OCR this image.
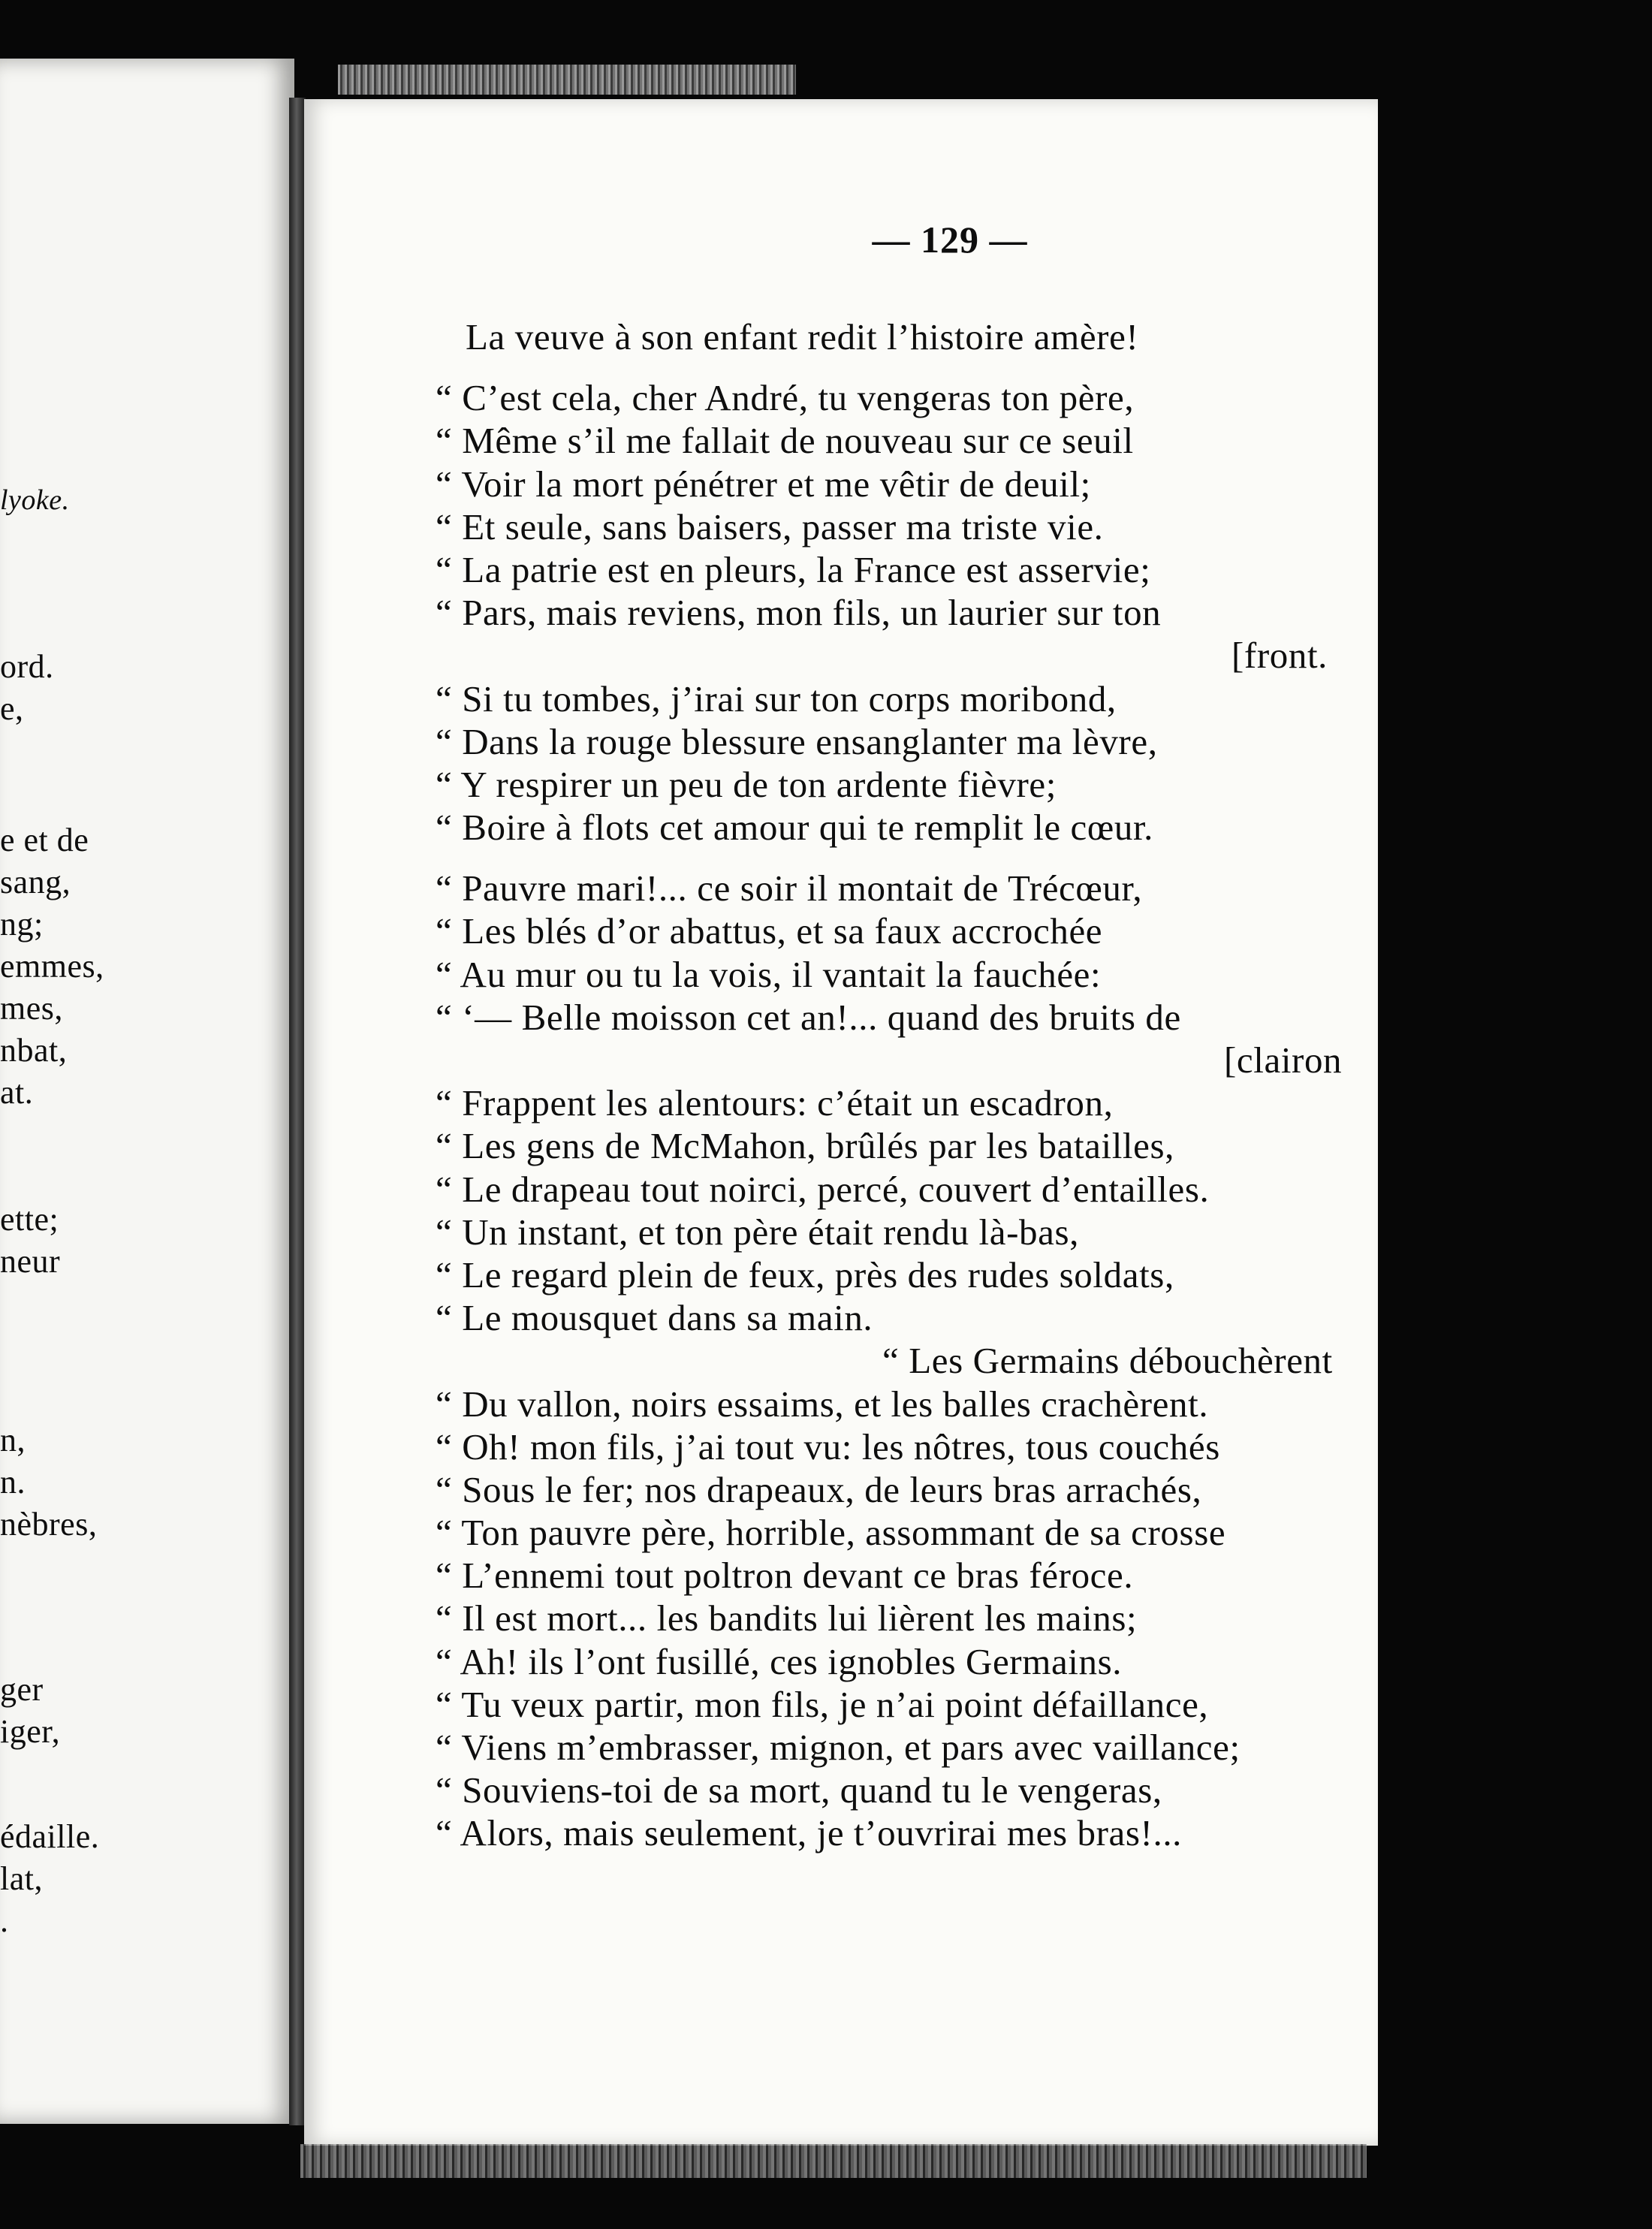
lyoke.
ord.
e,
e et de
sang,
ng;
emmes,
mes,
nbat,
at.
ette;
neur
n,
n.
nèbres,
ger
iger,
édaille.
lat,
.
— 129 —
La veuve à son enfant redit l’histoire amère!
“ C’est cela, cher André, tu vengeras ton père,
“ Même s’il me fallait de nouveau sur ce seuil
“ Voir la mort pénétrer et me vêtir de deuil;
“ Et seule, sans baisers, passer ma triste vie.
“ La patrie est en pleurs, la France est asservie;
“ Pars, mais reviens, mon fils, un laurier sur ton
[front.
“ Si tu tombes, j’irai sur ton corps moribond,
“ Dans la rouge blessure ensanglanter ma lèvre,
“ Y respirer un peu de ton ardente fièvre;
“ Boire à flots cet amour qui te remplit le cœur.
“ Pauvre mari!... ce soir il montait de Trécœur,
“ Les blés d’or abattus, et sa faux accrochée
“ Au mur ou tu la vois, il vantait la fauchée:
“ ‘— Belle moisson cet an!... quand des bruits de
[clairon
“ Frappent les alentours: c’était un escadron,
“ Les gens de McMahon, brûlés par les batailles,
“ Le drapeau tout noirci, percé, couvert d’entailles.
“ Un instant, et ton père était rendu là-bas,
“ Le regard plein de feux, près des rudes soldats,
“ Le mousquet dans sa main.
“ Les Germains débouchèrent
“ Du vallon, noirs essaims, et les balles crachèrent.
“ Oh! mon fils, j’ai tout vu: les nôtres, tous couchés
“ Sous le fer; nos drapeaux, de leurs bras arrachés,
“ Ton pauvre père, horrible, assommant de sa crosse
“ L’ennemi tout poltron devant ce bras féroce.
“ Il est mort... les bandits lui lièrent les mains;
“ Ah! ils l’ont fusillé, ces ignobles Germains.
“ Tu veux partir, mon fils, je n’ai point défaillance,
“ Viens m’embrasser, mignon, et pars avec vaillance;
“ Souviens-toi de sa mort, quand tu le vengeras,
“ Alors, mais seulement, je t’ouvrirai mes bras!...
